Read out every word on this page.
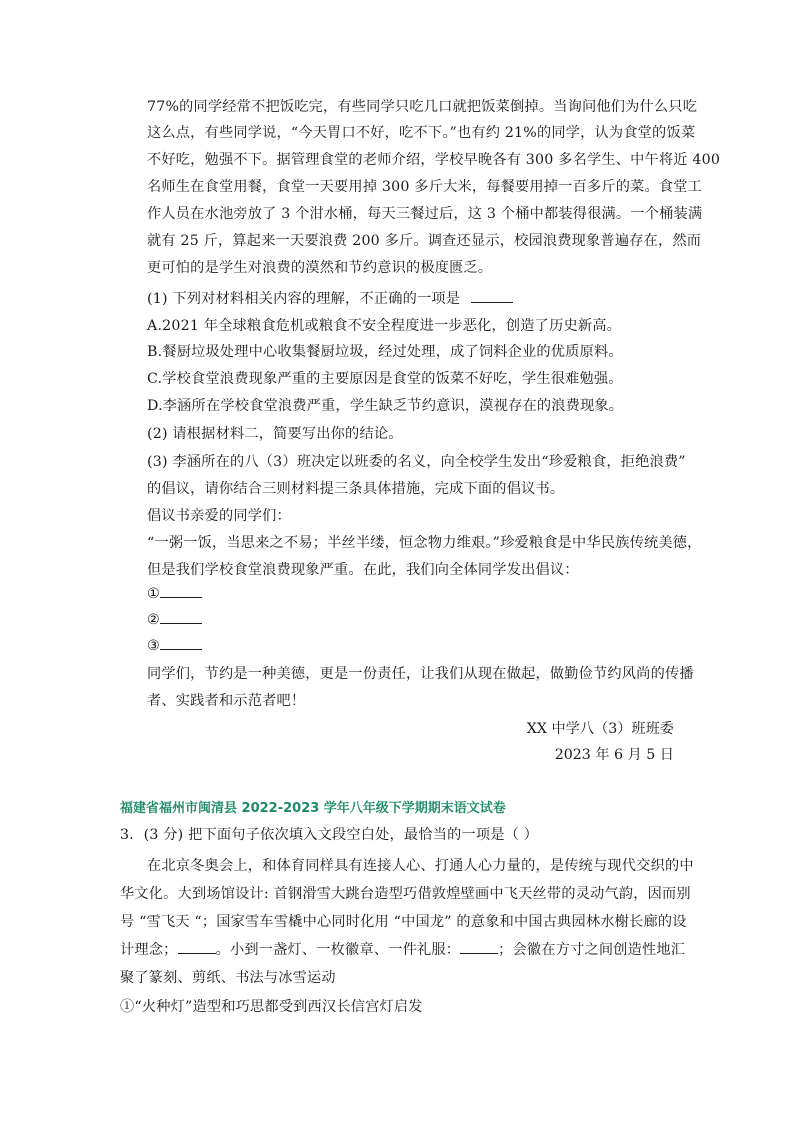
77%的同学经常不把饭吃完，有些同学只吃几口就把饭菜倒掉。当询问他们为什么只吃
这么点，有些同学说，“今天胃口不好，吃不下。”也有约 21%的同学，认为食堂的饭菜
不好吃，勉强不下。据管理食堂的老师介绍，学校早晚各有 300 多名学生、中午将近 400
名师生在食堂用餐，食堂一天要用掉 300 多斤大米，每餐要用掉一百多斤的菜。食堂工
作人员在水池旁放了 3 个泔水桶，每天三餐过后，这 3 个桶中都装得很满。一个桶装满
就有 25 斤，算起来一天要浪费 200 多斤。调查还显示，校园浪费现象普遍存在，然而
更可怕的是学生对浪费的漠然和节约意识的极度匮乏。
(1) 下列对材料相关内容的理解，不正确的一项是
A.2021 年全球粮食危机或粮食不安全程度进一步恶化，创造了历史新高。
B.餐厨垃圾处理中心收集餐厨垃圾，经过处理，成了饲料企业的优质原料。
C.学校食堂浪费现象严重的主要原因是食堂的饭菜不好吃，学生很难勉强。
D.李涵所在学校食堂浪费严重，学生缺乏节约意识，漠视存在的浪费现象。
(2) 请根据材料二，简要写出你的结论。
(3) 李涵所在的八（3）班决定以班委的名义，向全校学生发出“珍爱粮食，拒绝浪费”
的倡议，请你结合三则材料提三条具体措施，完成下面的倡议书。
倡议书亲爱的同学们：
“一粥一饭，当思来之不易；半丝半缕，恒念物力维艰。”珍爱粮食是中华民族传统美德，
但是我们学校食堂浪费现象严重。在此，我们向全体同学发出倡议：
①
②
③
同学们，节约是一种美德，更是一份责任，让我们从现在做起，做勤俭节约风尚的传播
者、实践者和示范者吧！
XX 中学八（3）班班委
2023 年 6 月 5 日
福建省福州市闽清县 2022-2023 学年八年级下学期期末语文试卷
3．(3 分) 把下面句子依次填入文段空白处，最恰当的一项是（ ）
在北京冬奥会上，和体育同样具有连接人心、打通人心力量的，是传统与现代交织的中
华文化。大到场馆设计: 首钢滑雪大跳台造型巧借敦煌壁画中飞天丝带的灵动气韵，因而别
号 “雪飞天 “；国家雪车雪橇中心同时化用 “中国龙” 的意象和中国古典园林水榭长廊的设
计理念；	。小到一盏灯、一枚徽章、一件礼服：	；会徽在方寸之间创造性地汇
聚了篆刻、剪纸、书法与冰雪运动
①“火种灯”造型和巧思都受到西汉长信宫灯启发
